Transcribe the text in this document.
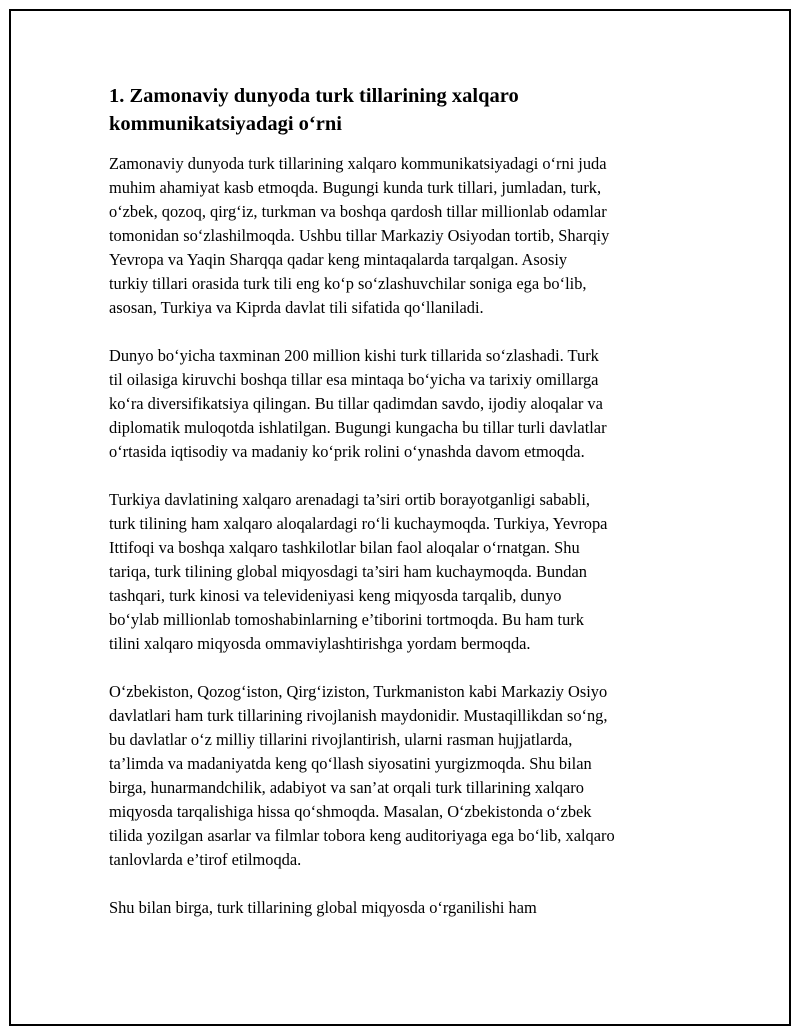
1. Zamonaviy dunyoda turk tillarining xalqaro
kommunikatsiyadagi o‘rni

Zamonaviy dunyoda turk tillarining xalqaro kommunikatsiyadagi o‘rni juda
muhim ahamiyat kasb etmoqda. Bugungi kunda turk tillari, jumladan, turk,
o‘zbek, qozoq, qirg‘iz, turkman va boshqa qardosh tillar millionlab odamlar
tomonidan so‘zlashilmoqda. Ushbu tillar Markaziy Osiyodan tortib, Sharqiy
Yevropa va Yaqin Sharqqa qadar keng mintaqalarda tarqalgan. Asosiy
turkiy tillari orasida turk tili eng ko‘p so‘zlashuvchilar soniga ega bo‘lib,
asosan, Turkiya va Kiprda davlat tili sifatida qo‘llaniladi.

Dunyo bo‘yicha taxminan 200 million kishi turk tillarida so‘zlashadi. Turk
til oilasiga kiruvchi boshqa tillar esa mintaqa bo‘yicha va tarixiy omillarga
ko‘ra diversifikatsiya qilingan. Bu tillar qadimdan savdo, ijodiy aloqalar va
diplomatik muloqotda ishlatilgan. Bugungi kungacha bu tillar turli davlatlar
o‘rtasida iqtisodiy va madaniy ko‘prik rolini o‘ynashda davom etmoqda.

Turkiya davlatining xalqaro arenadagi ta’siri ortib borayotganligi sababli,
turk tilining ham xalqaro aloqalardagi ro‘li kuchaymoqda. Turkiya, Yevropa
Ittifoqi va boshqa xalqaro tashkilotlar bilan faol aloqalar o‘rnatgan. Shu
tariqa, turk tilining global miqyosdagi ta’siri ham kuchaymoqda. Bundan
tashqari, turk kinosi va televideniyasi keng miqyosda tarqalib, dunyo
bo‘ylab millionlab tomoshabinlarning e’tiborini tortmoqda. Bu ham turk
tilini xalqaro miqyosda ommaviylashtirishga yordam bermoqda.

O‘zbekiston, Qozog‘iston, Qirg‘iziston, Turkmaniston kabi Markaziy Osiyo
davlatlari ham turk tillarining rivojlanish maydonidir. Mustaqillikdan so‘ng,
bu davlatlar o‘z milliy tillarini rivojlantirish, ularni rasman hujjatlarda,
ta’limda va madaniyatda keng qo‘llash siyosatini yurgizmoqda. Shu bilan
birga, hunarmandchilik, adabiyot va san’at orqali turk tillarining xalqaro
miqyosda tarqalishiga hissa qo‘shmoqda. Masalan, O‘zbekistonda o‘zbek
tilida yozilgan asarlar va filmlar tobora keng auditoriyaga ega bo‘lib, xalqaro
tanlovlarda e’tirof etilmoqda.

Shu bilan birga, turk tillarining global miqyosda o‘rganilishi ham
